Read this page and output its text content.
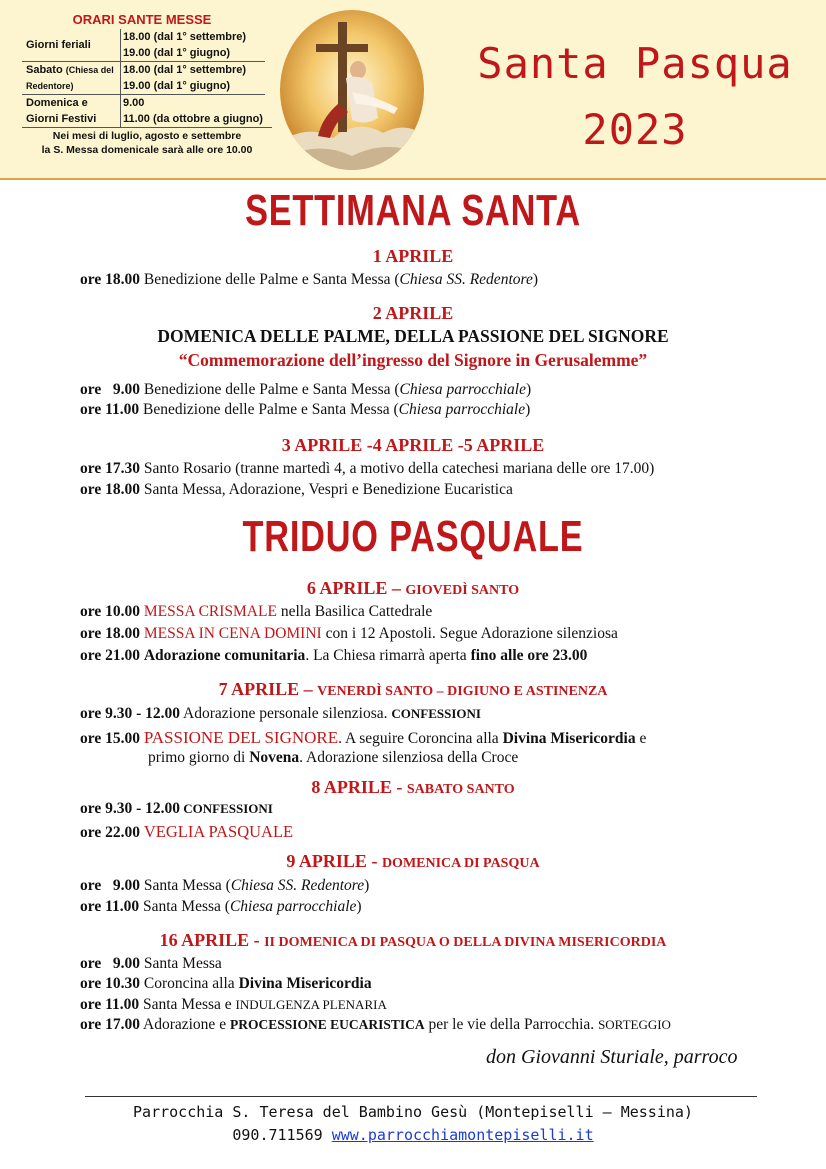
ORARI SANTE MESSE
Giorni feriali	18.00 (dal 1° settembre)
	19.00 (dal 1° giugno)
Sabato (Chiesa del Redentore)	18.00 (dal 1° settembre)
	19.00 (dal 1° giugno)
Domenica e Giorni Festivi	9.00
	11.00 (da ottobre a giugno)
Nei mesi di luglio, agosto e settembre
la S. Messa domenicale sarà alle ore 10.00
Santa Pasqua
2023
SETTIMANA SANTA
1 APRILE
ore 18.00 Benedizione delle Palme e Santa Messa (Chiesa SS. Redentore)
2 APRILE
DOMENICA DELLE PALME, DELLA PASSIONE DEL SIGNORE
“Commemorazione dell’ingresso del Signore in Gerusalemme”
ore   9.00 Benedizione delle Palme e Santa Messa (Chiesa parrocchiale)
ore 11.00 Benedizione delle Palme e Santa Messa (Chiesa parrocchiale)
3 APRILE -4 APRILE -5 APRILE
ore 17.30 Santo Rosario (tranne martedì 4, a motivo della catechesi mariana delle ore 17.00)
ore 18.00 Santa Messa, Adorazione, Vespri e Benedizione Eucaristica
TRIDUO PASQUALE
6 APRILE – GIOVEDÌ SANTO
ore 10.00 MESSA CRISMALE nella Basilica Cattedrale
ore 18.00 MESSA IN CENA DOMINI con i 12 Apostoli. Segue Adorazione silenziosa
ore 21.00 Adorazione comunitaria. La Chiesa rimarrà aperta fino alle ore 23.00
7 APRILE – VENERDÌ SANTO – DIGIUNO E ASTINENZA
ore 9.30 - 12.00 Adorazione personale silenziosa. CONFESSIONI
ore 15.00 PASSIONE DEL SIGNORE. A seguire Coroncina alla Divina Misericordia e
primo giorno di Novena. Adorazione silenziosa della Croce
8 APRILE - SABATO SANTO
ore 9.30 - 12.00 CONFESSIONI
ore 22.00 VEGLIA PASQUALE
9 APRILE - DOMENICA DI PASQUA
ore   9.00 Santa Messa (Chiesa SS. Redentore)
ore 11.00 Santa Messa (Chiesa parrocchiale)
16 APRILE - II DOMENICA DI PASQUA O DELLA DIVINA MISERICORDIA
ore   9.00 Santa Messa
ore 10.30 Coroncina alla Divina Misericordia
ore 11.00 Santa Messa e INDULGENZA PLENARIA
ore 17.00 Adorazione e PROCESSIONE EUCARISTICA per le vie della Parrocchia. SORTEGGIO
don Giovanni Sturiale, parroco
Parrocchia S. Teresa del Bambino Gesù (Montepiselli – Messina)
090.711569 www.parrocchiamontepiselli.it
